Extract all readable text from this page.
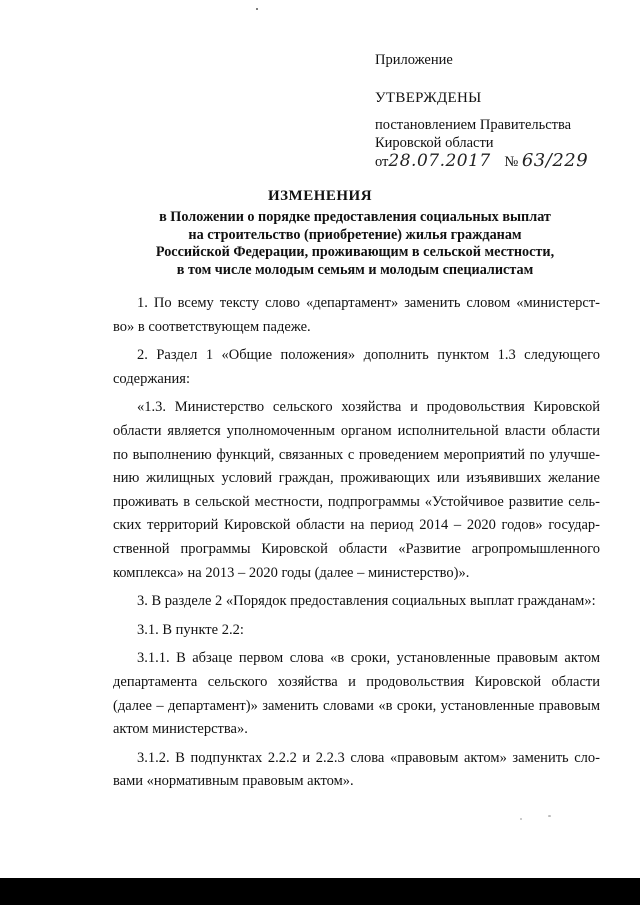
Приложение
УТВЕРЖДЕНЫ
постановлением Правительства
Кировской области
от28.07.2017 № 63/229
ИЗМЕНЕНИЯ
в Положении о порядке предоставления социальных выплат
на строительство (приобретение) жилья гражданам
Российской Федерации, проживающим в сельской местности,
в том числе молодым семьям и молодым специалистам

1. По всему тексту слово «департамент» заменить словом «министерст-во» в соответствующем падеже.

2. Раздел 1 «Общие положения» дополнить пунктом 1.3 следующего содержания:

«1.3. Министерство сельского хозяйства и продовольствия Кировской области является уполномоченным органом исполнительной власти области по выполнению функций, связанных с проведением мероприятий по улучше-нию жилищных условий граждан, проживающих или изъявивших желание проживать в сельской местности, подпрограммы «Устойчивое развитие сель-ских территорий Кировской области на период 2014 – 2020 годов» государ-ственной программы Кировской области «Развитие агропромышленного комплекса» на 2013 – 2020 годы (далее – министерство)».

3. В разделе 2 «Порядок предоставления социальных выплат гражданам»:

3.1. В пункте 2.2:

3.1.1. В абзаце первом слова «в сроки, установленные правовым актом департамента сельского хозяйства и продовольствия Кировской области (далее – департамент)» заменить словами «в сроки, установленные правовым актом министерства».

3.1.2. В подпунктах 2.2.2 и 2.2.3 слова «правовым актом» заменить сло-вами «нормативным правовым актом».
